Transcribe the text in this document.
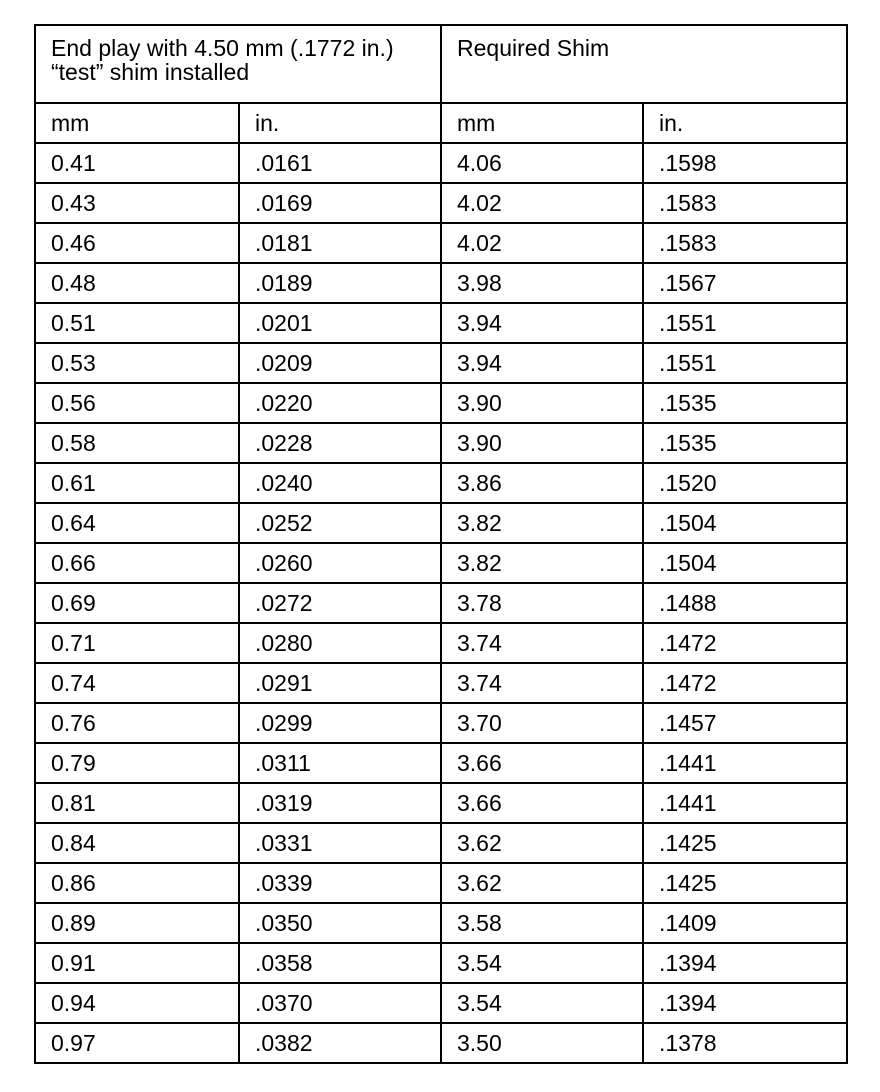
End play with 4.50 mm (.1772 in.) “test” shim installed		Required Shim	
mm	in.	mm	in.
0.41	.0161	4.06	.1598
0.43	.0169	4.02	.1583
0.46	.0181	4.02	.1583
0.48	.0189	3.98	.1567
0.51	.0201	3.94	.1551
0.53	.0209	3.94	.1551
0.56	.0220	3.90	.1535
0.58	.0228	3.90	.1535
0.61	.0240	3.86	.1520
0.64	.0252	3.82	.1504
0.66	.0260	3.82	.1504
0.69	.0272	3.78	.1488
0.71	.0280	3.74	.1472
0.74	.0291	3.74	.1472
0.76	.0299	3.70	.1457
0.79	.0311	3.66	.1441
0.81	.0319	3.66	.1441
0.84	.0331	3.62	.1425
0.86	.0339	3.62	.1425
0.89	.0350	3.58	.1409
0.91	.0358	3.54	.1394
0.94	.0370	3.54	.1394
0.97	.0382	3.50	.1378
